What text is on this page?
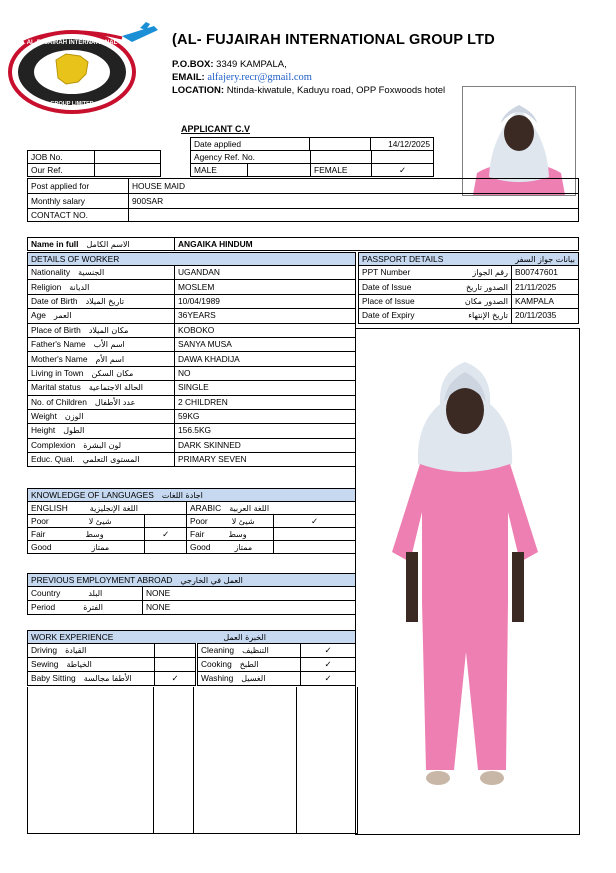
AL-FUJAIRAH INTERNATIONAL
GROUP LIMITED
(AL- FUJAIRAH INTERNATIONAL GROUP LTD
P.O.BOX: 3349 KAMPALA,
EMAIL: alfajery.recr@gmail.com
LOCATION: Ntinda-kiwatule, Kaduyu road, OPP Foxwoods hotel
APPLICANT C.V
Date applied		14/12/2025
JOB No.	
Our Ref.	
Agency Ref. No.			
MALE		FEMALE	✓
Post applied for	HOUSE MAID
Monthly salary	900SAR
CONTACT NO.	
Name in full الاسم الكامل	ANGAIKA HINDUM
DETAILS OF WORKER	
Nationality الجنسية	UGANDAN
Religion الديانة	MOSLEM
Date of Birth تاريخ الميلاد	10/04/1989
Age العمر	36YEARS
Place of Birth مكان الميلاد	KOBOKO
Father's Name اسم الأب	SANYA MUSA
Mother's Name اسم الأم	DAWA KHADIJA
Living in Town مكان السكن	NO
Marital status الحالة الاجتماعية	SINGLE
No. of Children عدد الأطفال	2 CHILDREN
Weight الوزن	59KG
Height الطول	156.5KG
Complexion لون البشرة	DARK SKINNED
Educ. Qual. المستوى التعلمي	PRIMARY SEVEN
PASSPORT DETAILS بيانات جواز السفر	

PPT Number رقم الجواز	B00747601
Date of Issue الصدور تاريخ	21/11/2025
Place of Issue الصدور مكان	KAMPALA
Date of Expiry تاريخ الإنتهاء	20/11/2035
KNOWLEDGE OF LANGUAGES اجادة اللغات			
ENGLISH اللغة الإنجليزية		ARABIC اللغة العربية	
Poor شيئ لا		Poor شيئ لا	✓
Fair وسط	✓	Fair وسط	
Good ممتاز		Good ممتاز	
PREVIOUS EMPLOYMENT ABROAD العمل في الخارجي	
Country البلد	NONE
Period الفترة	NONE
WORK EXPERIENCE الخبرة العمل			
Driving القيادة		Cleaning التنظيف	✓
Sewing الخياطة		Cooking الطبخ	✓
Baby Sitting الأطفا مجالسة	✓	Washing الغسيل	✓
